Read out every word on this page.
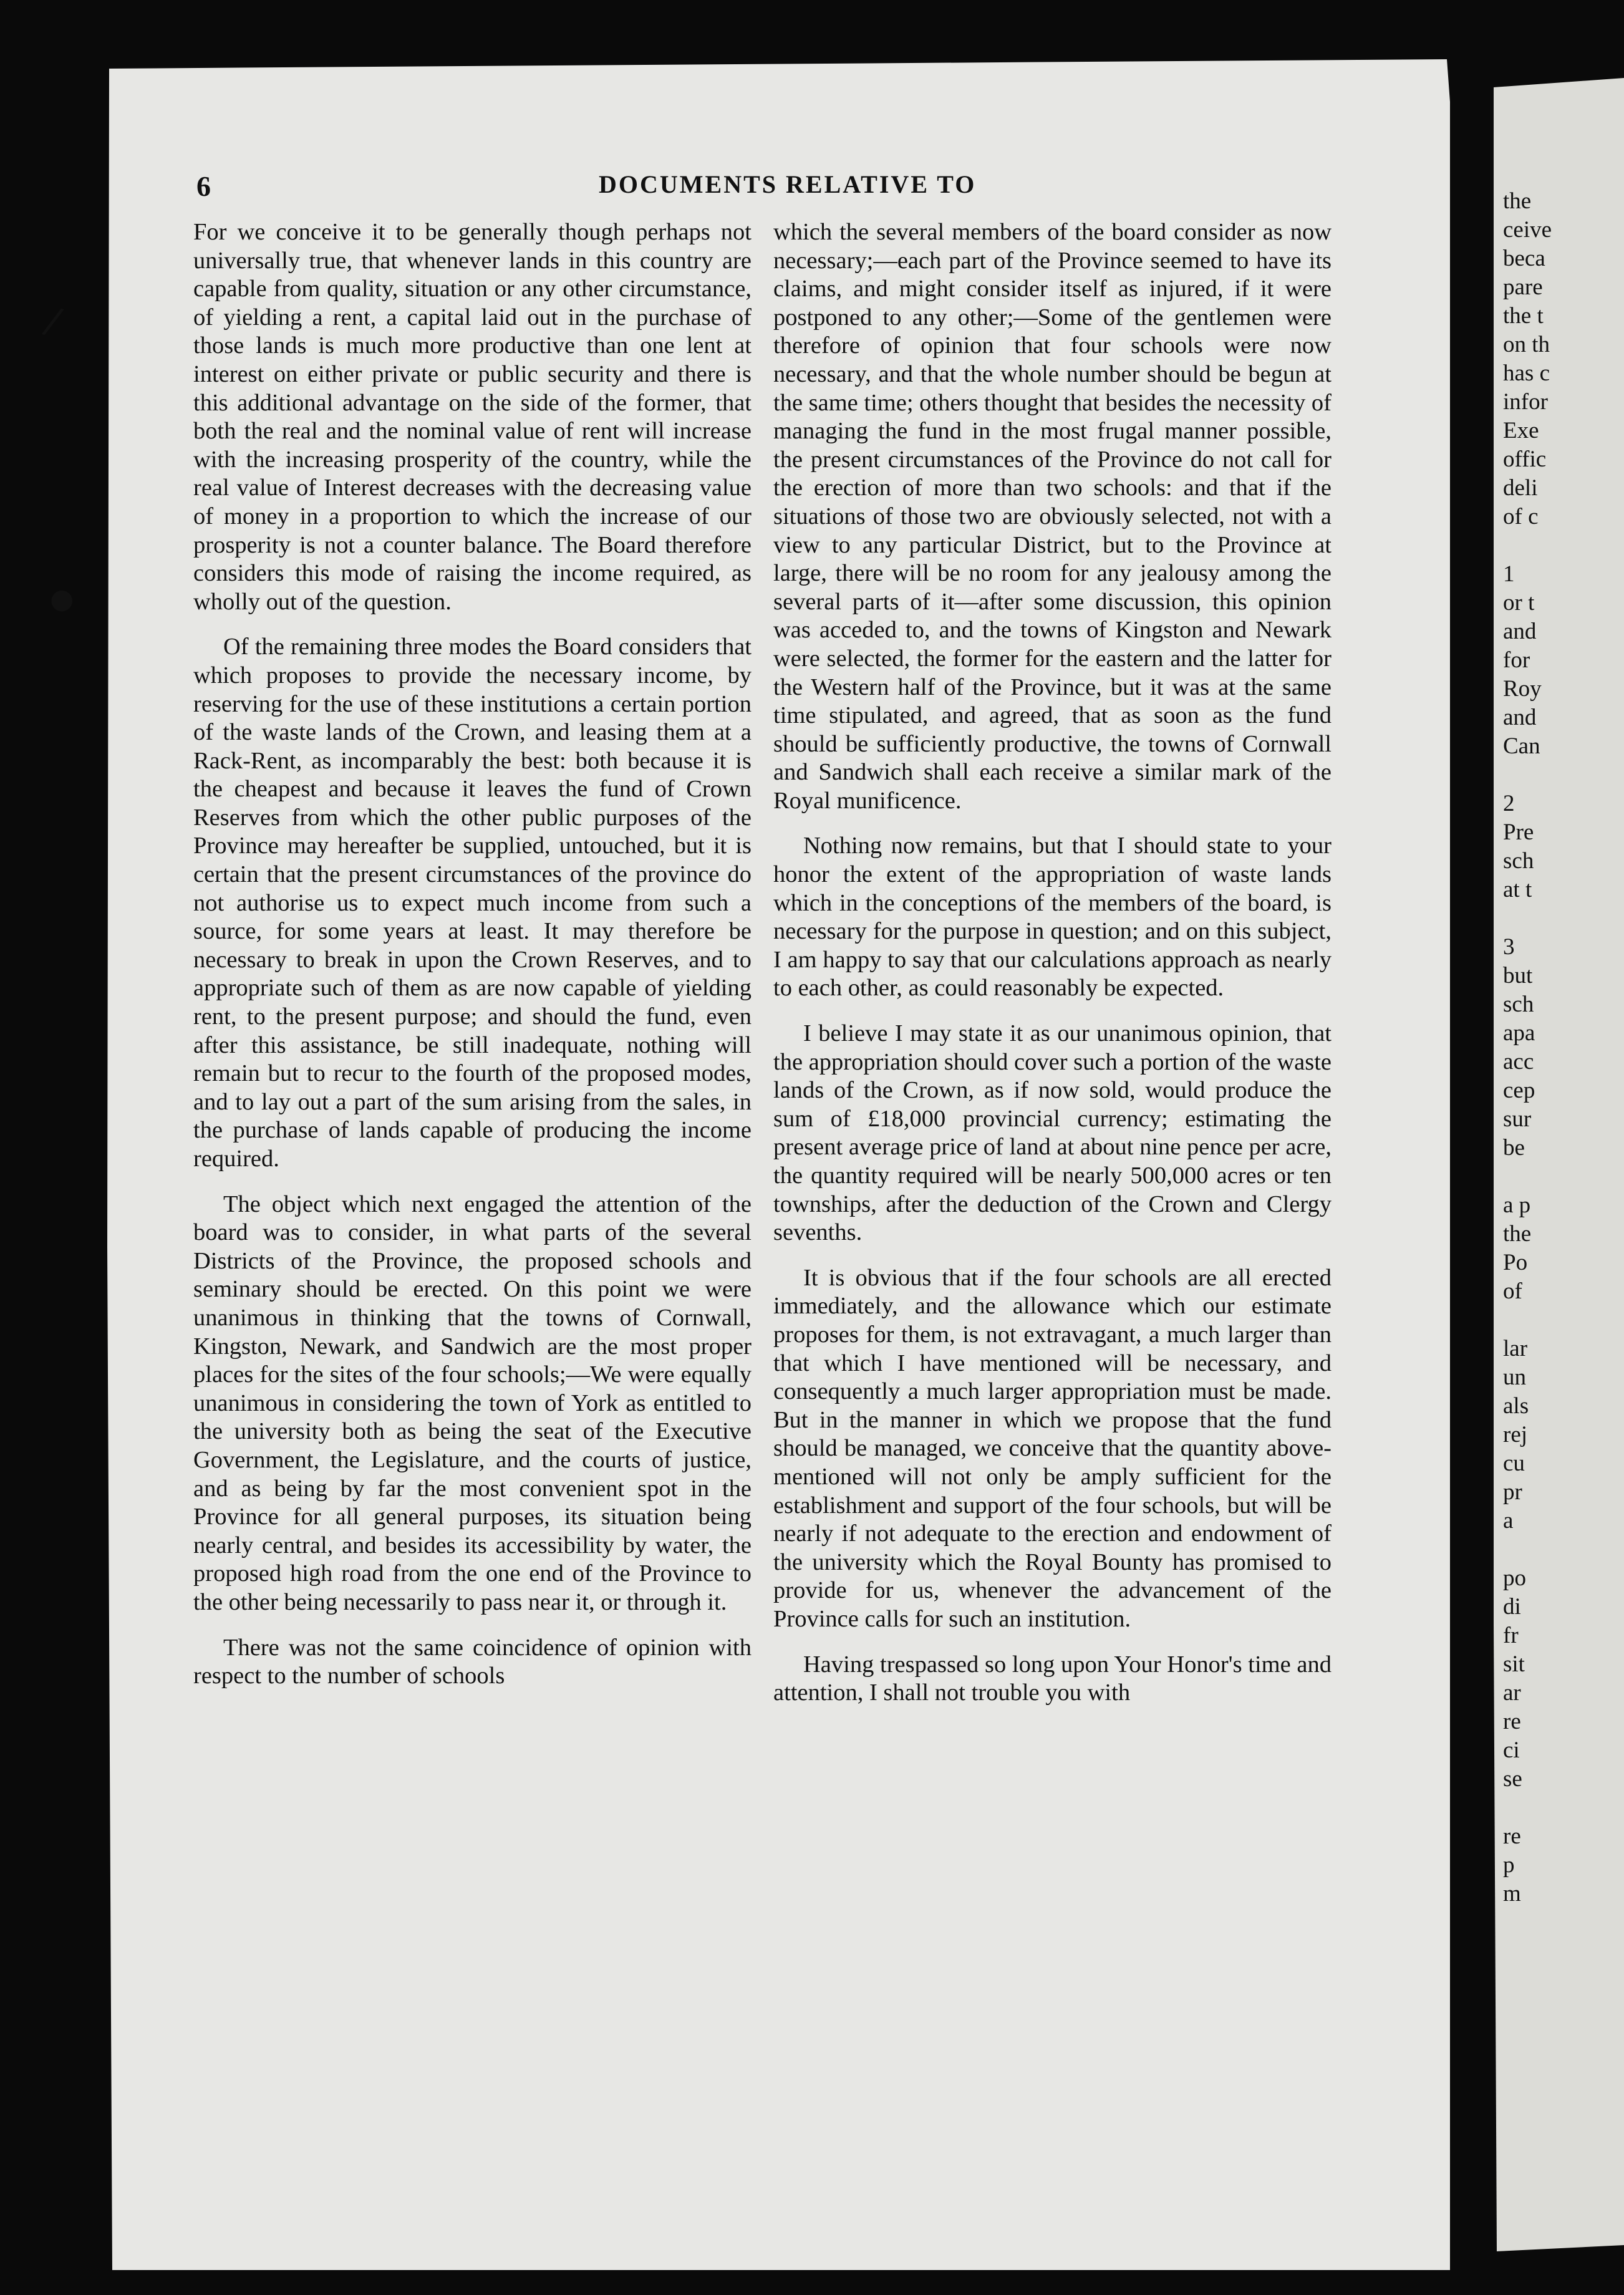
6	DOCUMENTS RELATIVE TO

For we conceive it to be generally though perhaps not universally true, that whenever lands in this country are capable from quality, situation or any other circumstance, of yielding a rent, a capital laid out in the purchase of those lands is much more productive than one lent at interest on either private or public security and there is this additional advantage on the side of the former, that both the real and the nominal value of rent will increase with the increasing prosperity of the country, while the real value of Interest decreases with the decreasing value of money in a proportion to which the increase of our prosperity is not a counter balance. The Board therefore considers this mode of raising the income required, as wholly out of the question.

Of the remaining three modes the Board considers that which proposes to provide the necessary income, by reserving for the use of these institutions a certain portion of the waste lands of the Crown, and leasing them at a Rack-Rent, as incomparably the best: both because it is the cheapest and because it leaves the fund of Crown Reserves from which the other public purposes of the Province may hereafter be supplied, untouched, but it is certain that the present circumstances of the province do not authorise us to expect much income from such a source, for some years at least. It may therefore be necessary to break in upon the Crown Reserves, and to appropriate such of them as are now capable of yielding rent, to the present purpose; and should the fund, even after this assistance, be still inadequate, nothing will remain but to recur to the fourth of the proposed modes, and to lay out a part of the sum arising from the sales, in the purchase of lands capable of producing the income required.

The object which next engaged the attention of the board was to consider, in what parts of the several Districts of the Province, the proposed schools and seminary should be erected. On this point we were unanimous in thinking that the towns of Cornwall, Kingston, Newark, and Sandwich are the most proper places for the sites of the four schools;—We were equally unanimous in considering the town of York as entitled to the university both as being the seat of the Executive Government, the Legislature, and the courts of justice, and as being by far the most convenient spot in the Province for all general purposes, its situation being nearly central, and besides its accessibility by water, the proposed high road from the one end of the Province to the other being necessarily to pass near it, or through it.

There was not the same coincidence of opinion with respect to the number of schools

which the several members of the board consider as now necessary;—each part of the Province seemed to have its claims, and might consider itself as injured, if it were postponed to any other;—Some of the gentlemen were therefore of opinion that four schools were now necessary, and that the whole number should be begun at the same time; others thought that besides the necessity of managing the fund in the most frugal manner possible, the present circumstances of the Province do not call for the erection of more than two schools: and that if the situations of those two are obviously selected, not with a view to any particular District, but to the Province at large, there will be no room for any jealousy among the several parts of it—after some discussion, this opinion was acceded to, and the towns of Kingston and Newark were selected, the former for the eastern and the latter for the Western half of the Province, but it was at the same time stipulated, and agreed, that as soon as the fund should be sufficiently productive, the towns of Cornwall and Sandwich shall each receive a similar mark of the Royal munificence.

Nothing now remains, but that I should state to your honor the extent of the appropriation of waste lands which in the conceptions of the members of the board, is necessary for the purpose in question; and on this subject, I am happy to say that our calculations approach as nearly to each other, as could reasonably be expected.

I believe I may state it as our unanimous opinion, that the appropriation should cover such a portion of the waste lands of the Crown, as if now sold, would produce the sum of £18,000 provincial currency; estimating the present average price of land at about nine pence per acre, the quantity required will be nearly 500,000 acres or ten townships, after the deduction of the Crown and Clergy sevenths.

It is obvious that if the four schools are all erected immediately, and the allowance which our estimate proposes for them, is not extravagant, a much larger than that which I have mentioned will be necessary, and consequently a much larger appropriation must be made. But in the manner in which we propose that the fund should be managed, we conceive that the quantity above-mentioned will not only be amply sufficient for the establishment and support of the four schools, but will be nearly if not adequate to the erection and endowment of the university which the Royal Bounty has promised to provide for us, whenever the advancement of the Province calls for such an institution.

Having trespassed so long upon Your Honor's time and attention, I shall not trouble you with

the
ceive
beca
pare
the t
on th
has c
infor
Exe
offic
deli
of c
1
or t
and
for
Roy
and
Can
2
Pre
sch
at t
3
but
sch
apa
acc
cep
sur
be
a p
the
Po
of
lar
un
als
rej
cu
pr
a
po
di
fr
sit
ar
re
ci
se
re
p
m
/
●
